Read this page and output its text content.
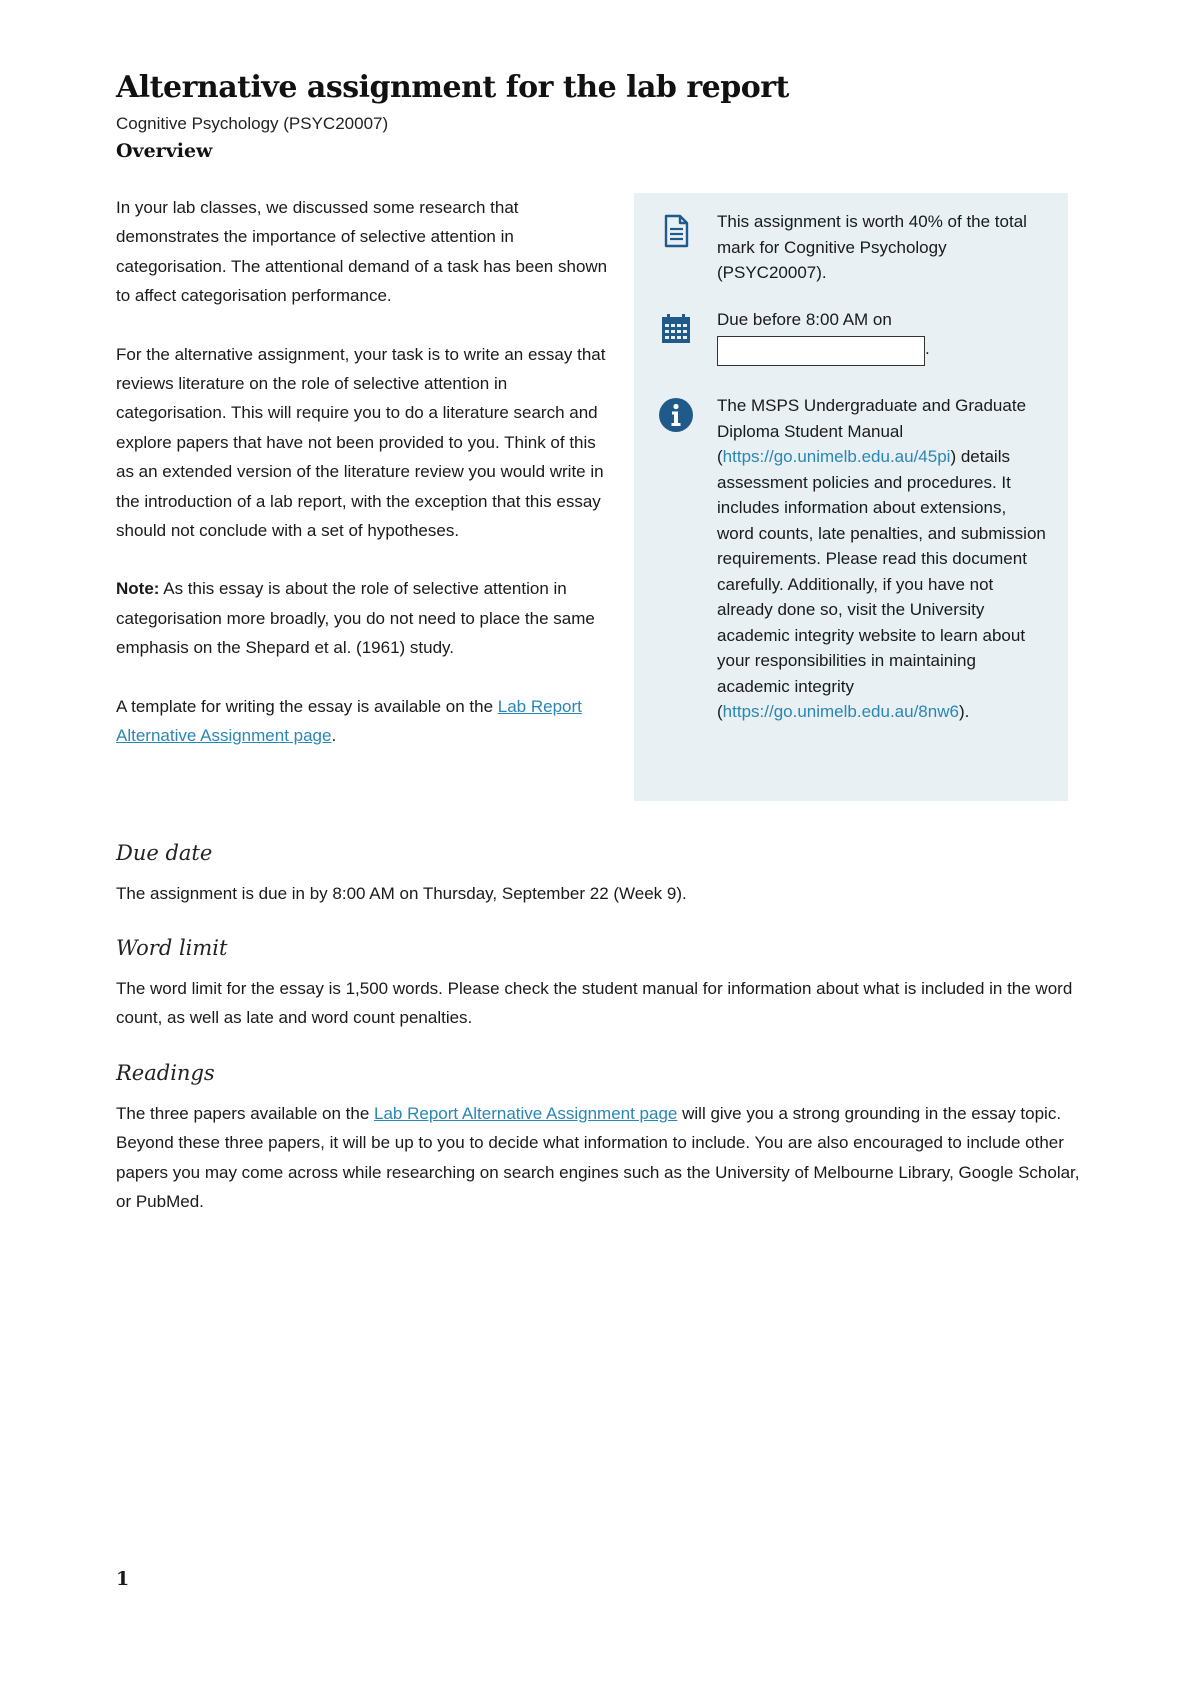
Alternative assignment for the lab report
Cognitive Psychology (PSYC20007)
Overview

In your lab classes, we discussed some research that demonstrates the importance of selective attention in categorisation. The attentional demand of a task has been shown to affect categorisation performance.

For the alternative assignment, your task is to write an essay that reviews literature on the role of selective attention in categorisation. This will require you to do a literature search and explore papers that have not been provided to you. Think of this as an extended version of the literature review you would write in the introduction of a lab report, with the exception that this essay should not conclude with a set of hypotheses.

Note: As this essay is about the role of selective attention in categorisation more broadly, you do not need to place the same emphasis on the Shepard et al. (1961) study.

A template for writing the essay is available on the Lab Report Alternative Assignment page.

This assignment is worth 40% of the total mark for Cognitive Psychology (PSYC20007).
Due before 8:00 AM on
.
The MSPS Undergraduate and Graduate Diploma Student Manual (https://go.unimelb.edu.au/45pi) details assessment policies and procedures. It includes information about extensions, word counts, late penalties, and submission requirements. Please read this document carefully. Additionally, if you have not already done so, visit the University academic integrity website to learn about your responsibilities in maintaining academic integrity (https://go.unimelb.edu.au/8nw6).
Due date

The assignment is due in by 8:00 AM on Thursday, September 22 (Week 9).

Word limit

The word limit for the essay is 1,500 words. Please check the student manual for information about what is included in the word count, as well as late and word count penalties.

Readings

The three papers available on the Lab Report Alternative Assignment page will give you a strong grounding in the essay topic. Beyond these three papers, it will be up to you to decide what information to include. You are also encouraged to include other papers you may come across while researching on search engines such as the University of Melbourne Library, Google Scholar, or PubMed.

1
